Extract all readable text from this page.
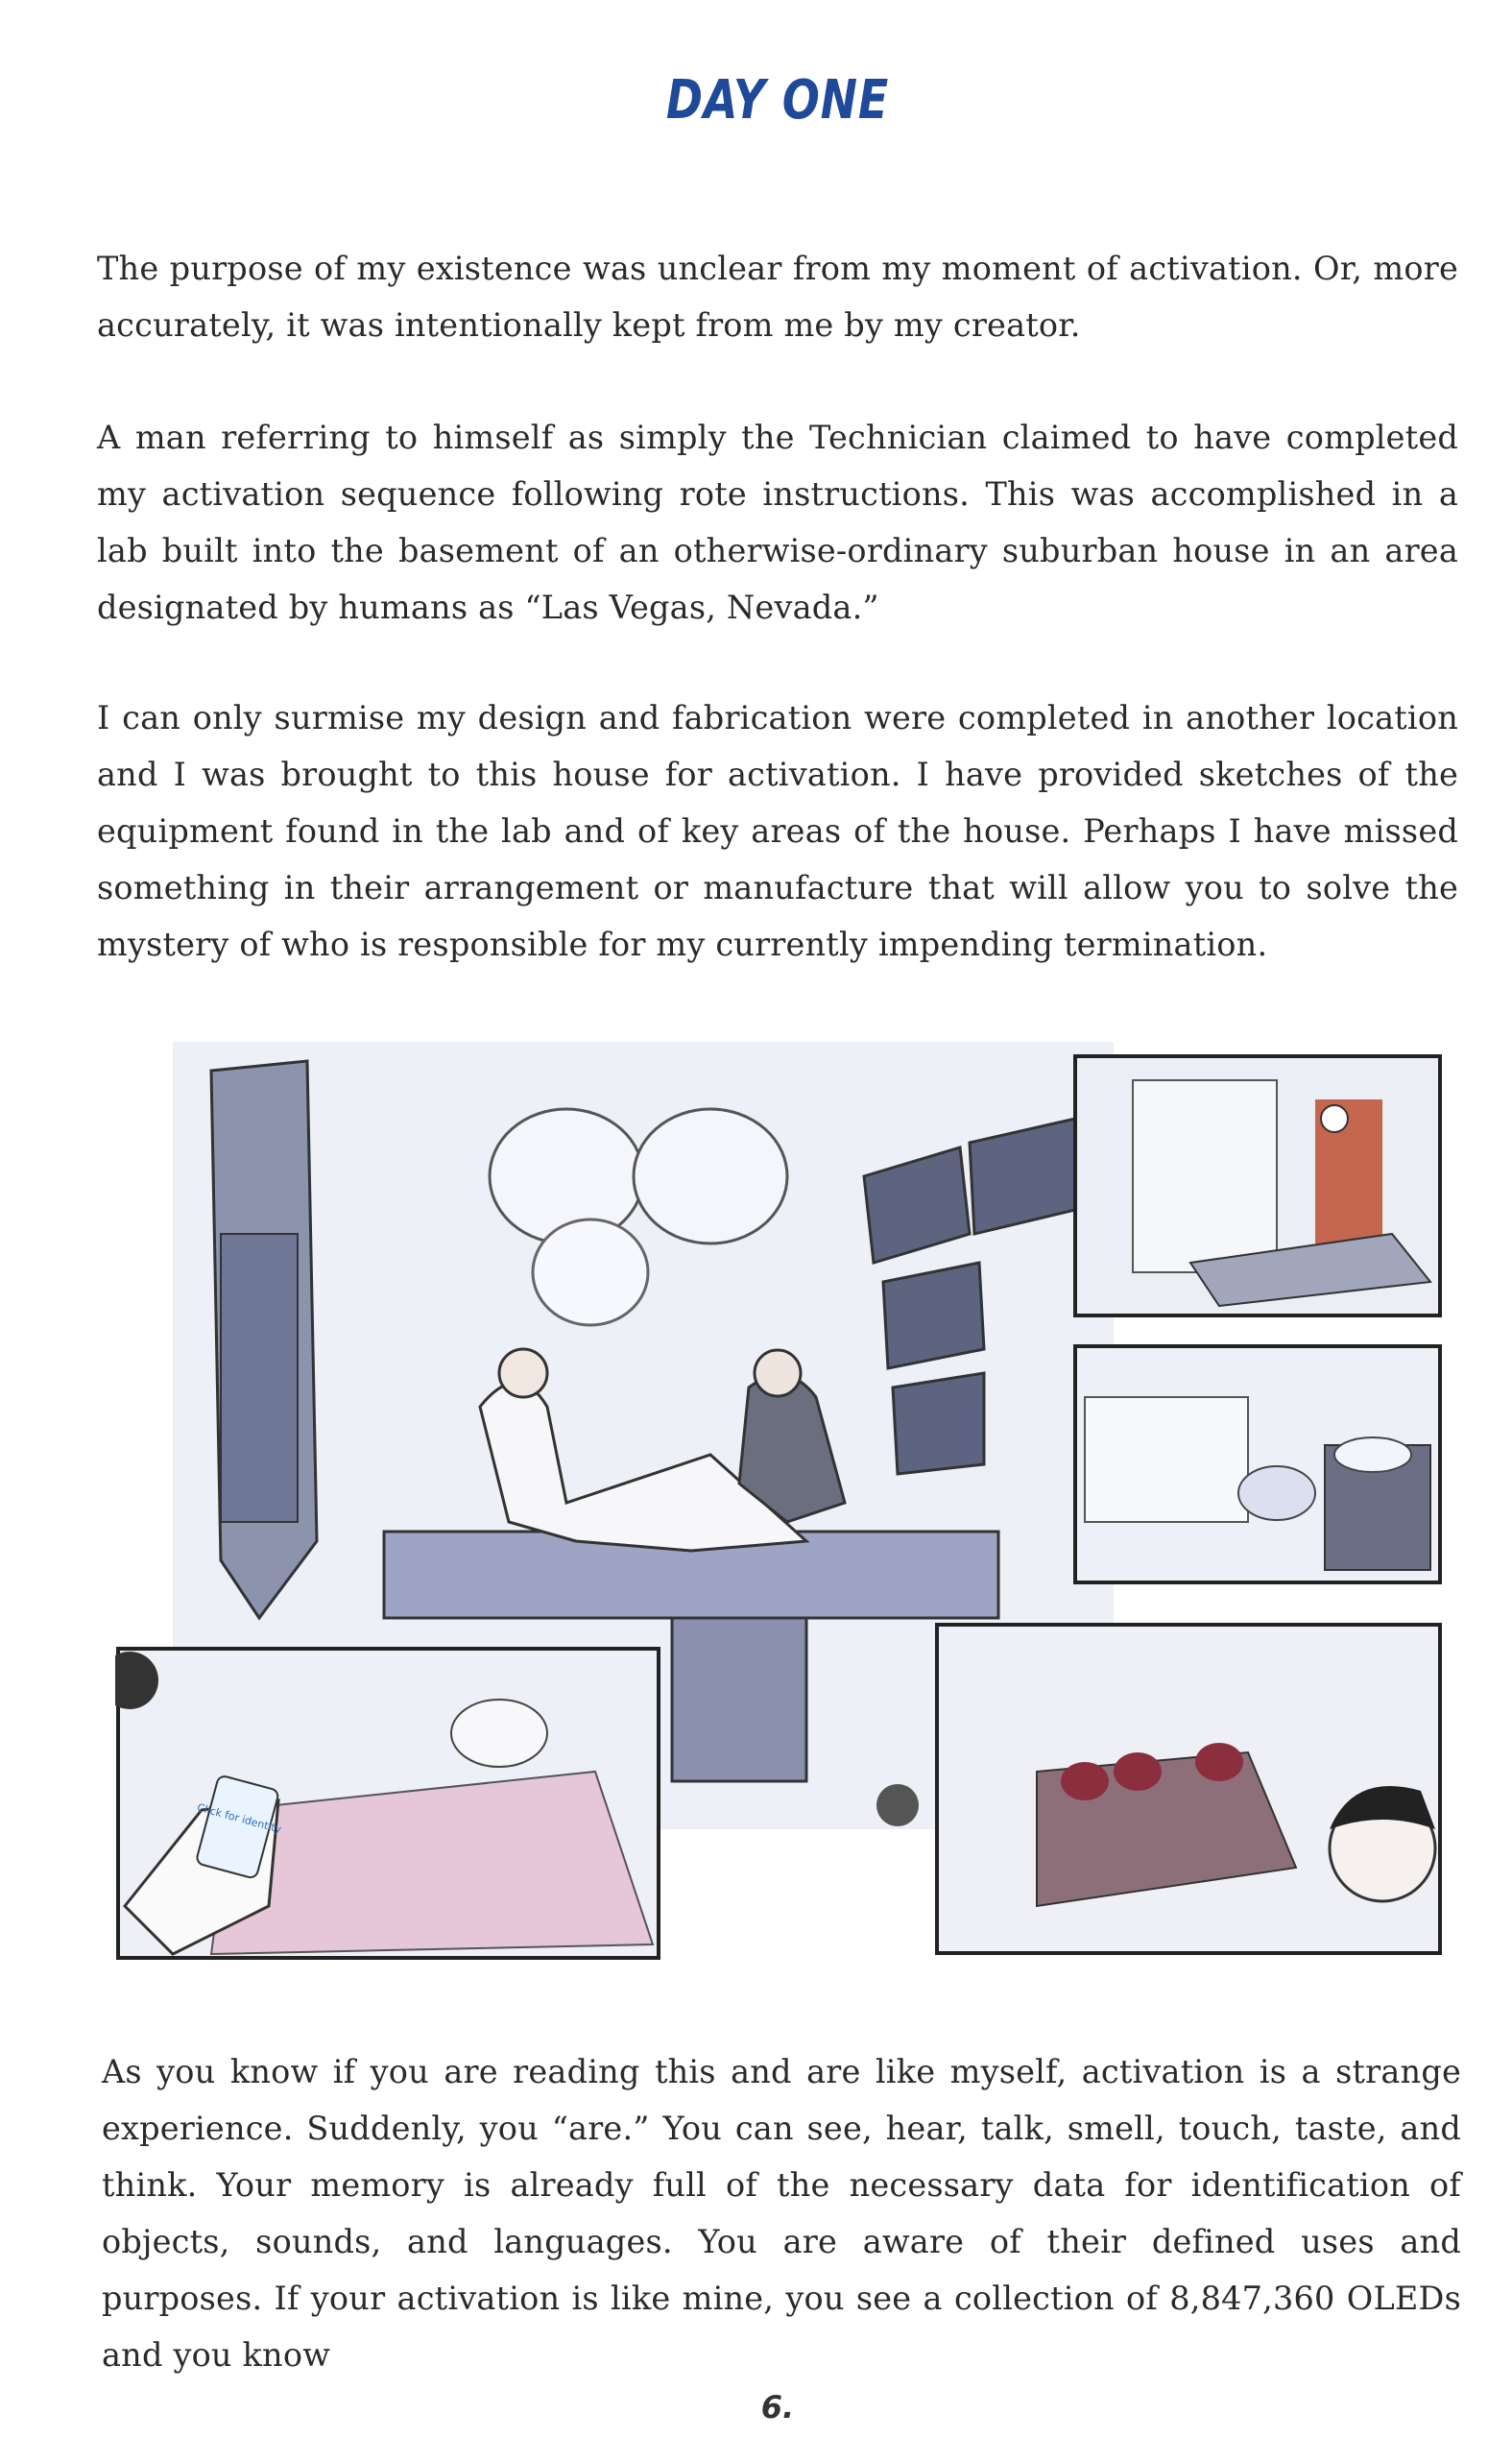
DAY ONE

The purpose of my existence was unclear from my moment of activation. Or, more accurately, it was intentionally kept from me by my creator.

A man referring to himself as simply the Technician claimed to have completed my activation sequence following rote instructions. This was accomplished in a lab built into the basement of an otherwise-ordinary suburban house in an area designated by humans as “Las Vegas, Nevada.”

I can only surmise my design and fabrication were completed in another location and I was brought to this house for activation. I have provided sketches of the equipment found in the lab and of key areas of the house. Perhaps I have missed something in their arrangement or manufacture that will allow you to solve the mystery of who is responsible for my currently impending termination.

Click for identity

As you know if you are reading this and are like myself, activation is a strange experience. Suddenly, you “are.” You can see, hear, talk, smell, touch, taste, and think. Your memory is already full of the necessary data for identification of objects, sounds, and languages. You are aware of their defined uses and purposes. If your activation is like mine, you see a collection of 8,847,360 OLEDs and you know

6.
